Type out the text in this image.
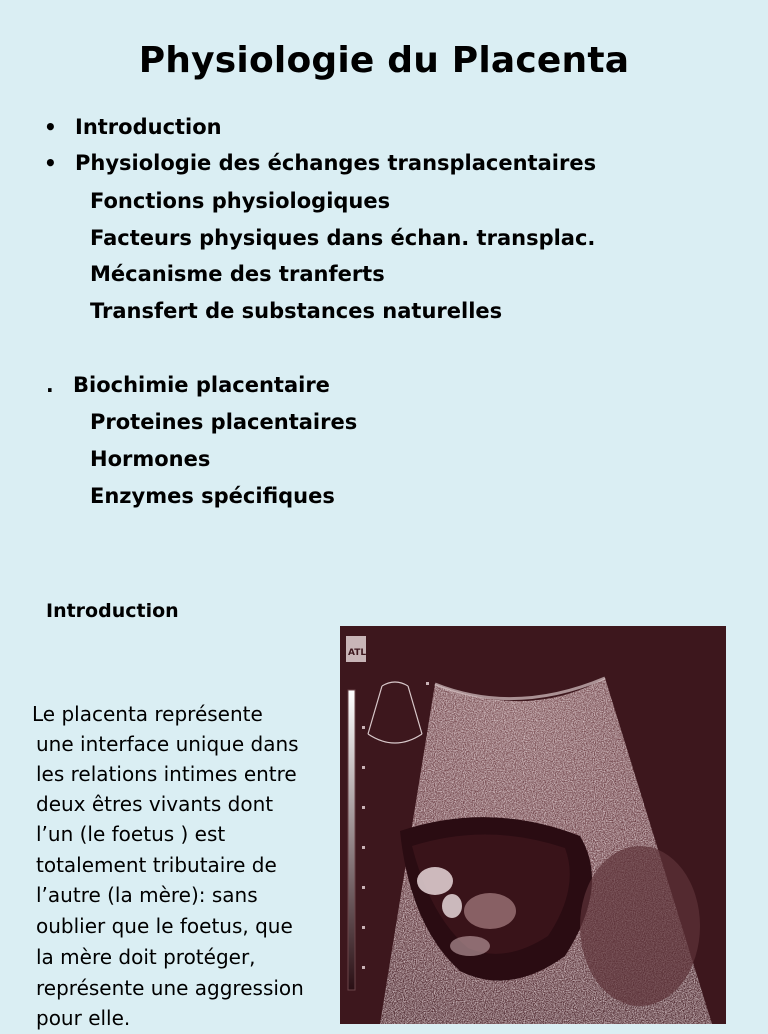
Physiologie du Placenta
• Introduction
• Physiologie des échanges transplacentaires
Fonctions physiologiques
Facteurs physiques dans échan. transplac.
Mécanisme des tranferts
Transfert de substances naturelles
. Biochimie placentaire
Proteines placentaires
Hormones
Enzymes spécifiques
Introduction
Le placenta représente
une interface unique dans
les relations intimes entre
deux êtres vivants dont
l’un (le foetus ) est
totalement tributaire de
l’autre (la mère): sans
oublier que le foetus, que
la mère doit protéger,
représente une aggression
pour elle.
ATL
